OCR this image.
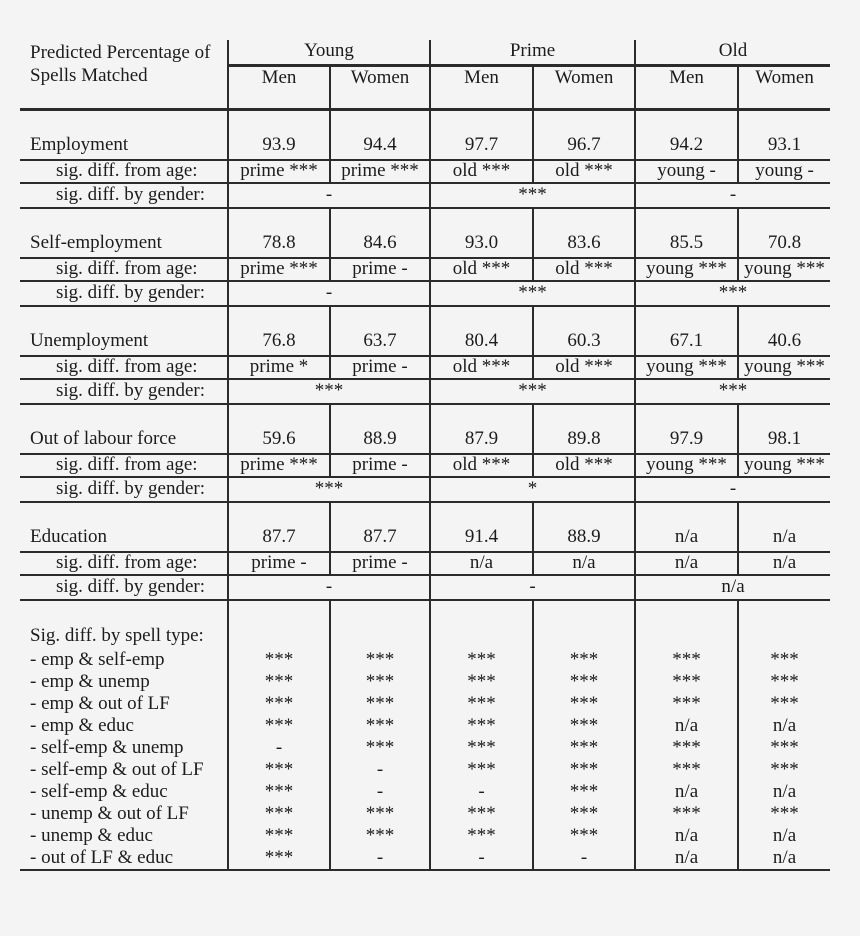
Predicted Percentage of
Spells Matched	Young		Prime		Old	
	Men	Women	Men	Women	Men	Women
Employment	93.9	94.4	97.7	96.7	94.2	93.1
sig. diff. from age:	prime ***	prime ***	old ***	old ***	young -	young -
sig. diff. by gender:	-		***		-	
Self-employment	78.8	84.6	93.0	83.6	85.5	70.8
sig. diff. from age:	prime ***	prime -	old ***	old ***	young ***	young ***
sig. diff. by gender:	-		***		***	
Unemployment	76.8	63.7	80.4	60.3	67.1	40.6
sig. diff. from age:	prime *	prime -	old ***	old ***	young ***	young ***
sig. diff. by gender:	***		***		***	
Out of labour force	59.6	88.9	87.9	89.8	97.9	98.1
sig. diff. from age:	prime ***	prime -	old ***	old ***	young ***	young ***
sig. diff. by gender:	***		*		-	
Education	87.7	87.7	91.4	88.9	n/a	n/a
sig. diff. from age:	prime -	prime -	n/a	n/a	n/a	n/a
sig. diff. by gender:	-		-		n/a	
Sig. diff. by spell type:						
- emp & self-emp	***	***	***	***	***	***
- emp & unemp	***	***	***	***	***	***
- emp & out of LF	***	***	***	***	***	***
- emp & educ	***	***	***	***	n/a	n/a
- self-emp & unemp	-	***	***	***	***	***
- self-emp & out of LF	***	-	***	***	***	***
- self-emp & educ	***	-	-	***	n/a	n/a
- unemp & out of LF	***	***	***	***	***	***
- unemp & educ	***	***	***	***	n/a	n/a
- out of LF & educ	***	-	-	-	n/a	n/a
